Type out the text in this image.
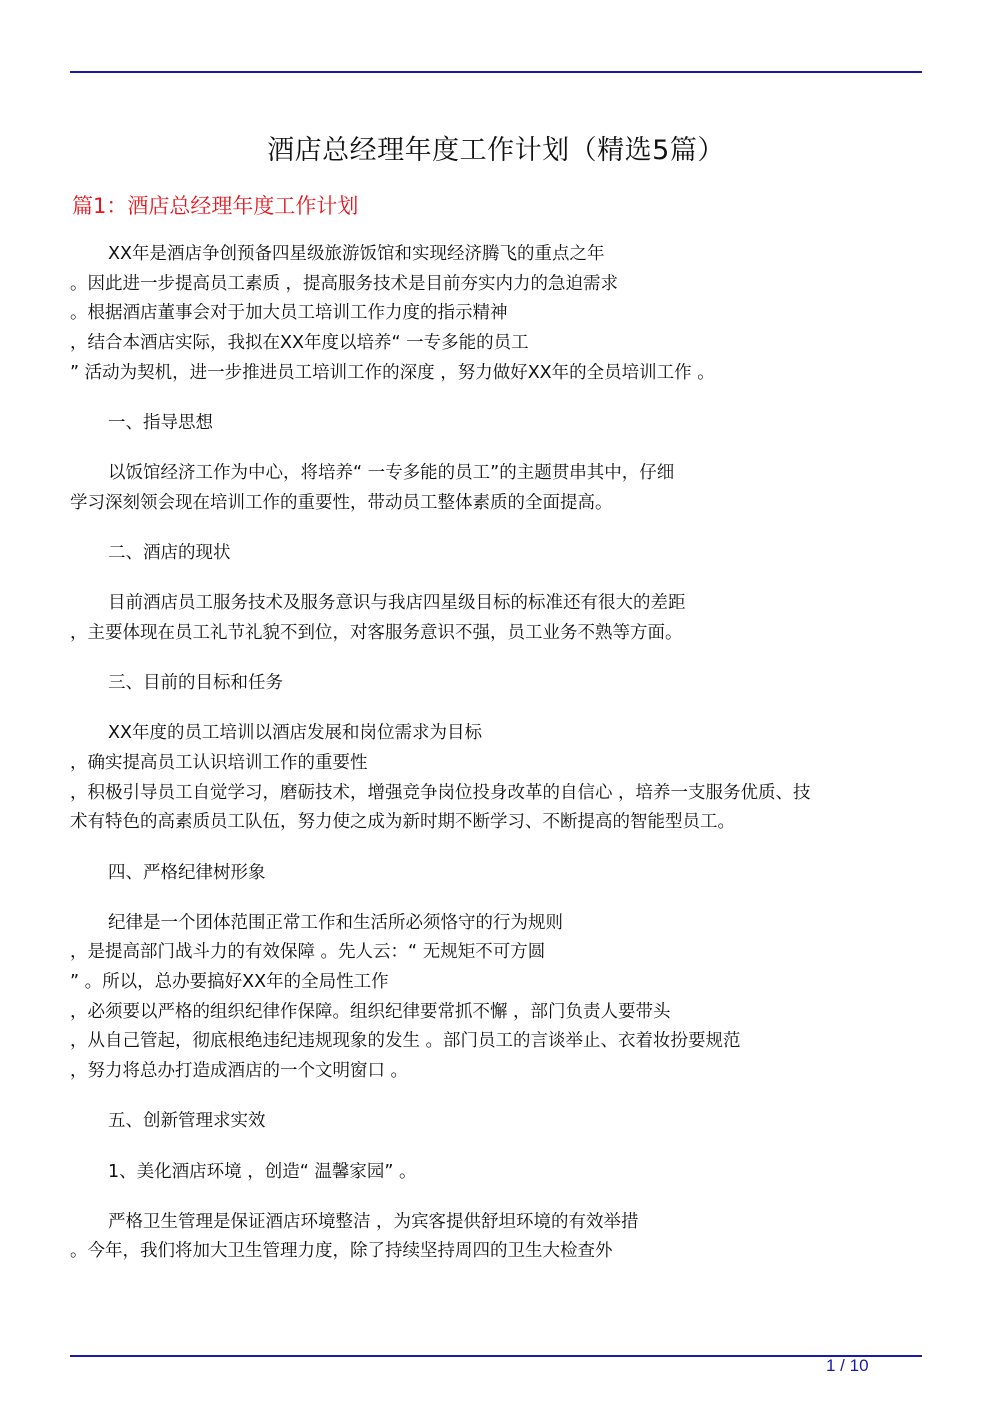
酒店总经理年度工作计划（精选5篇）
篇1：酒店总经理年度工作计划
XX年是酒店争创预备四星级旅游饭馆和实现经济腾飞的重点之年
。因此进一步提高员工素质 ，提高服务技术是目前夯实内力的急迫需求
。根据酒店董事会对于加大员工培训工作力度的指示精神
，结合本酒店实际，我拟在XX年度以培养“ 一专多能的员工
” 活动为契机，进一步推进员工培训工作的深度 ，努力做好XX年的全员培训工作 。
一、指导思想
以饭馆经济工作为中心，将培养“ 一专多能的员工”的主题贯串其中，仔细
学习深刻领会现在培训工作的重要性，带动员工整体素质的全面提高。
二、酒店的现状
目前酒店员工服务技术及服务意识与我店四星级目标的标准还有很大的差距
，主要体现在员工礼节礼貌不到位，对客服务意识不强，员工业务不熟等方面。
三、目前的目标和任务
XX年度的员工培训以酒店发展和岗位需求为目标
，确实提高员工认识培训工作的重要性
，积极引导员工自觉学习，磨砺技术，增强竞争岗位投身改革的自信心 ，培养一支服务优质、技
术有特色的高素质员工队伍，努力使之成为新时期不断学习、不断提高的智能型员工。
四、严格纪律树形象
纪律是一个团体范围正常工作和生活所必须恪守的行为规则
，是提高部门战斗力的有效保障 。先人云：“ 无规矩不可方圆
” 。所以，总办要搞好XX年的全局性工作
，必须要以严格的组织纪律作保障。组织纪律要常抓不懈 ，部门负责人要带头
，从自己管起，彻底根绝违纪违规现象的发生 。部门员工的言谈举止、衣着妆扮要规范
，努力将总办打造成酒店的一个文明窗口 。
五、创新管理求实效
1、美化酒店环境 ，创造“ 温馨家园” 。
严格卫生管理是保证酒店环境整洁 ，为宾客提供舒坦环境的有效举措
。今年，我们将加大卫生管理力度，除了持续坚持周四的卫生大检查外
1 / 10
